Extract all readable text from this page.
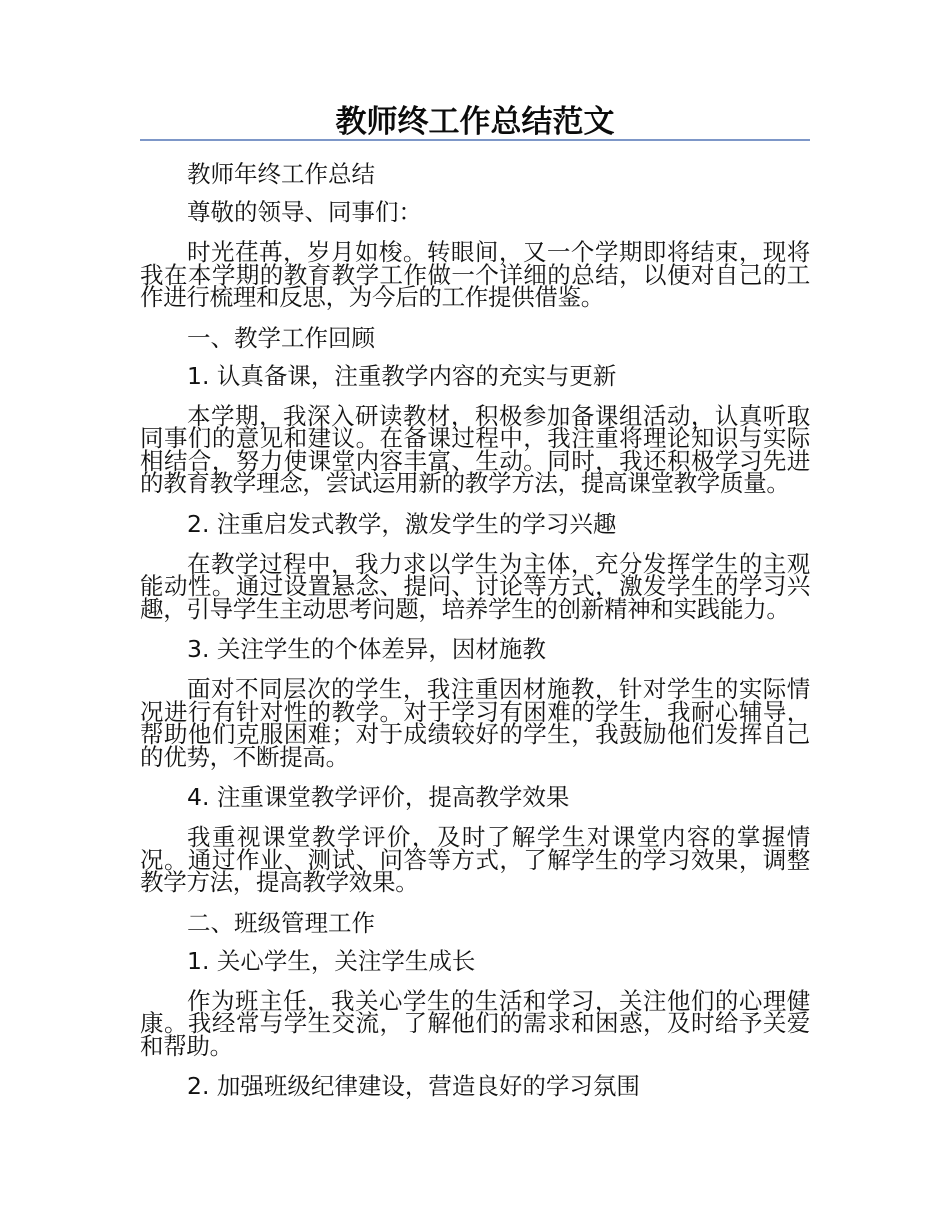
教师终工作总结范文

教师年终工作总结

尊敬的领导、同事们：

时光荏苒，岁月如梭。转眼间，又一个学期即将结束，现将我在本学期的教育教学工作做一个详细的总结，以便对自己的工作进行梳理和反思，为今后的工作提供借鉴。

一、教学工作回顾

1. 认真备课，注重教学内容的充实与更新

本学期，我深入研读教材，积极参加备课组活动，认真听取同事们的意见和建议。在备课过程中，我注重将理论知识与实际相结合，努力使课堂内容丰富、生动。同时，我还积极学习先进的教育教学理念，尝试运用新的教学方法，提高课堂教学质量。

2. 注重启发式教学，激发学生的学习兴趣

在教学过程中，我力求以学生为主体，充分发挥学生的主观能动性。通过设置悬念、提问、讨论等方式，激发学生的学习兴趣，引导学生主动思考问题，培养学生的创新精神和实践能力。

3. 关注学生的个体差异，因材施教

面对不同层次的学生，我注重因材施教，针对学生的实际情况进行有针对性的教学。对于学习有困难的学生，我耐心辅导，帮助他们克服困难；对于成绩较好的学生，我鼓励他们发挥自己的优势，不断提高。

4. 注重课堂教学评价，提高教学效果

我重视课堂教学评价，及时了解学生对课堂内容的掌握情况。通过作业、测试、问答等方式，了解学生的学习效果，调整教学方法，提高教学效果。

二、班级管理工作

1. 关心学生，关注学生成长

作为班主任，我关心学生的生活和学习，关注他们的心理健康。我经常与学生交流，了解他们的需求和困惑，及时给予关爱和帮助。

2. 加强班级纪律建设，营造良好的学习氛围
